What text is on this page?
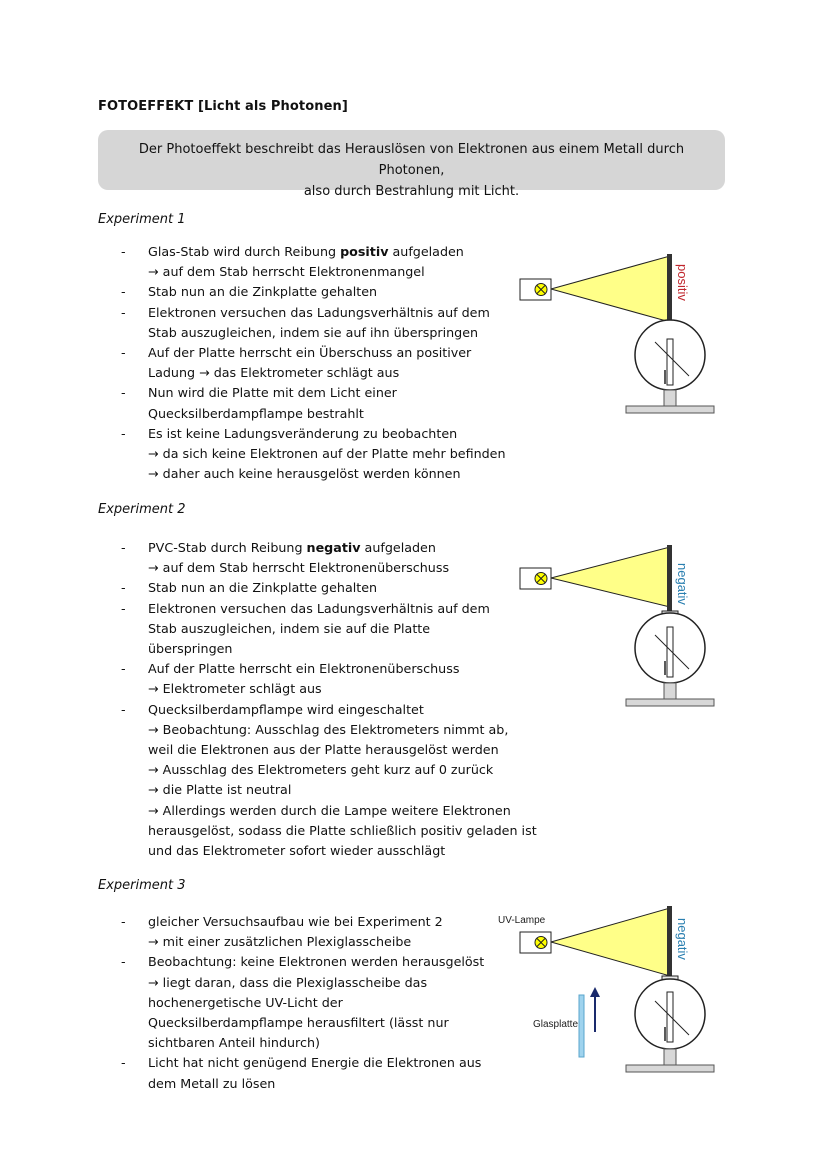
FOTOEFFEKT [Licht als Photonen]
Der Photoeffekt beschreibt das Herauslösen von Elektronen aus einem Metall durch Photonen,
also durch Bestrahlung mit Licht.
Experiment 1
- Glas-Stab wird durch Reibung positiv aufgeladen
→ auf dem Stab herrscht Elektronenmangel
- Stab nun an die Zinkplatte gehalten
- Elektronen versuchen das Ladungsverhältnis auf dem
Stab auszugleichen, indem sie auf ihn überspringen
- Auf der Platte herrscht ein Überschuss an positiver
Ladung → das Elektrometer schlägt aus
- Nun wird die Platte mit dem Licht einer
Quecksilberdampflampe bestrahlt
- Es ist keine Ladungsveränderung zu beobachten
→ da sich keine Elektronen auf der Platte mehr befinden
→ daher auch keine herausgelöst werden können
Experiment 2
- PVC-Stab durch Reibung negativ aufgeladen
→ auf dem Stab herrscht Elektronenüberschuss
- Stab nun an die Zinkplatte gehalten
- Elektronen versuchen das Ladungsverhältnis auf dem
Stab auszugleichen, indem sie auf die Platte
überspringen
- Auf der Platte herrscht ein Elektronenüberschuss
→ Elektrometer schlägt aus
- Quecksilberdampflampe wird eingeschaltet
→ Beobachtung: Ausschlag des Elektrometers nimmt ab,
weil die Elektronen aus der Platte herausgelöst werden
→ Ausschlag des Elektrometers geht kurz auf 0 zurück
→ die Platte ist neutral
→ Allerdings werden durch die Lampe weitere Elektronen
herausgelöst, sodass die Platte schließlich positiv geladen ist
und das Elektrometer sofort wieder ausschlägt
Experiment 3
- gleicher Versuchsaufbau wie bei Experiment 2
→ mit einer zusätzlichen Plexiglasscheibe
- Beobachtung: keine Elektronen werden herausgelöst
→ liegt daran, dass die Plexiglasscheibe das
hochenergetische UV-Licht der
Quecksilberdampflampe herausfiltert (lässt nur
sichtbaren Anteil hindurch)
- Licht hat nicht genügend Energie die Elektronen aus
dem Metall zu lösen
positiv
negativ
UV-Lampe
Glasplatte
negativ
